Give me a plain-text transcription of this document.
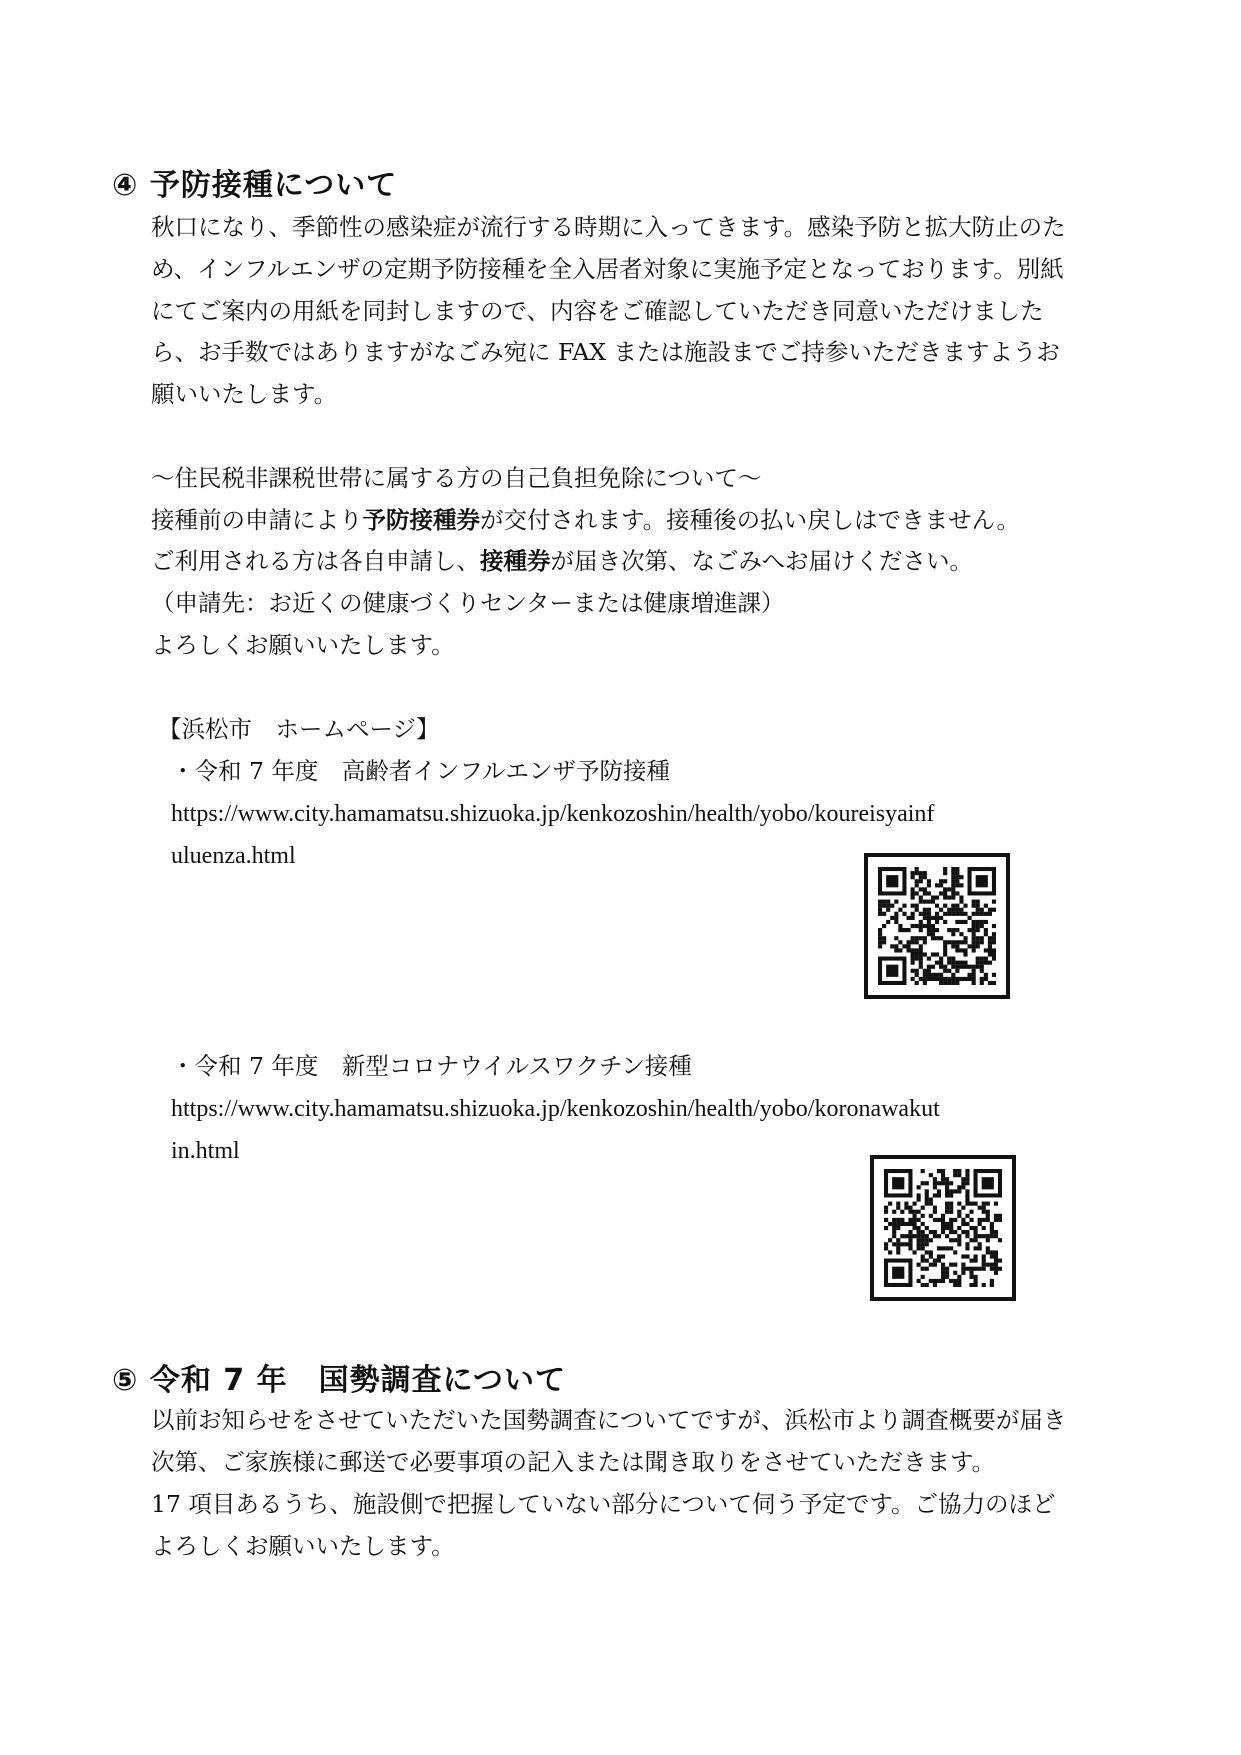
④ 予防接種について
秋口になり、季節性の感染症が流行する時期に入ってきます。感染予防と拡大防止のた
め、インフルエンザの定期予防接種を全入居者対象に実施予定となっております。別紙
にてご案内の用紙を同封しますので、内容をご確認していただき同意いただけました
ら、お手数ではありますがなごみ宛に FAX または施設までご持参いただきますようお
願いいたします。
～住民税非課税世帯に属する方の自己負担免除について～
接種前の申請により予防接種券が交付されます。接種後の払い戻しはできません。
ご利用される方は各自申請し、接種券が届き次第、なごみへお届けください。
（申請先：お近くの健康づくりセンターまたは健康増進課）
よろしくお願いいたします。
【浜松市　ホームページ】
・令和 7 年度　高齢者インフルエンザ予防接種
https://www.city.hamamatsu.shizuoka.jp/kenkozoshin/health/yobo/koureisyainf
uluenza.html
・令和 7 年度　新型コロナウイルスワクチン接種
https://www.city.hamamatsu.shizuoka.jp/kenkozoshin/health/yobo/koronawakut
in.html
⑤ 令和 7 年　国勢調査について
以前お知らせをさせていただいた国勢調査についてですが、浜松市より調査概要が届き
次第、ご家族様に郵送で必要事項の記入または聞き取りをさせていただきます。
17 項目あるうち、施設側で把握していない部分について伺う予定です。ご協力のほど
よろしくお願いいたします。
